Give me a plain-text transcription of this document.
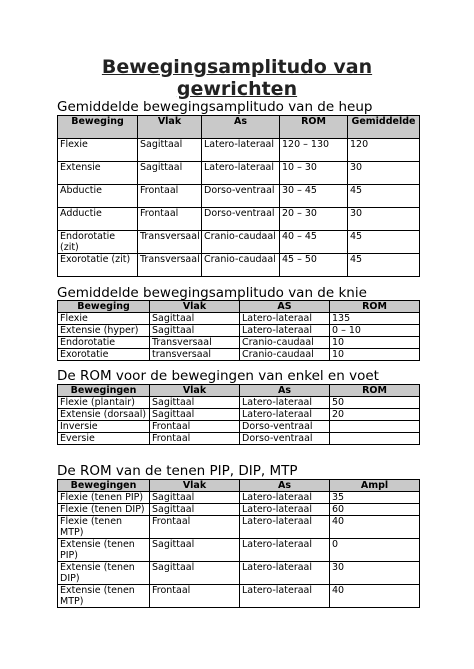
Bewegingsamplitudo van
gewrichten
Gemiddelde bewegingsamplitudo van de heup
Beweging	Vlak	As	ROM	Gemiddelde
Flexie	Sagittaal	Latero-lateraal	120 – 130	120
Extensie	Sagittaal	Latero-lateraal	10 – 30	30
Abductie	Frontaal	Dorso-ventraal	30 – 45	45
Adductie	Frontaal	Dorso-ventraal	20 – 30	30
Endorotatie (zit)	Transversaal	Cranio-caudaal	40 – 45	45
Exorotatie (zit)	Transversaal	Cranio-caudaal	45 – 50	45
Gemiddelde bewegingsamplitudo van de knie
Beweging	Vlak	AS	ROM
Flexie	Sagittaal	Latero-lateraal	135
Extensie (hyper)	Sagittaal	Latero-lateraal	0 – 10
Endorotatie	Transversaal	Cranio-caudaal	10
Exorotatie	transversaal	Cranio-caudaal	10
De ROM voor de bewegingen van enkel en voet
Bewegingen	Vlak	As	ROM
Flexie (plantair)	Sagittaal	Latero-lateraal	50
Extensie (dorsaal)	Sagittaal	Latero-lateraal	20
Inversie	Frontaal	Dorso-ventraal	
Eversie	Frontaal	Dorso-ventraal	
De ROM van de tenen PIP, DIP, MTP
Bewegingen	Vlak	As	Ampl
Flexie (tenen PIP)	Sagittaal	Latero-lateraal	35
Flexie (tenen DIP)	Sagittaal	Latero-lateraal	60
Flexie (tenen MTP)	Frontaal	Latero-lateraal	40
Extensie (tenen PIP)	Sagittaal	Latero-lateraal	0
Extensie (tenen DIP)	Sagittaal	Latero-lateraal	30
Extensie (tenen MTP)	Frontaal	Latero-lateraal	40
